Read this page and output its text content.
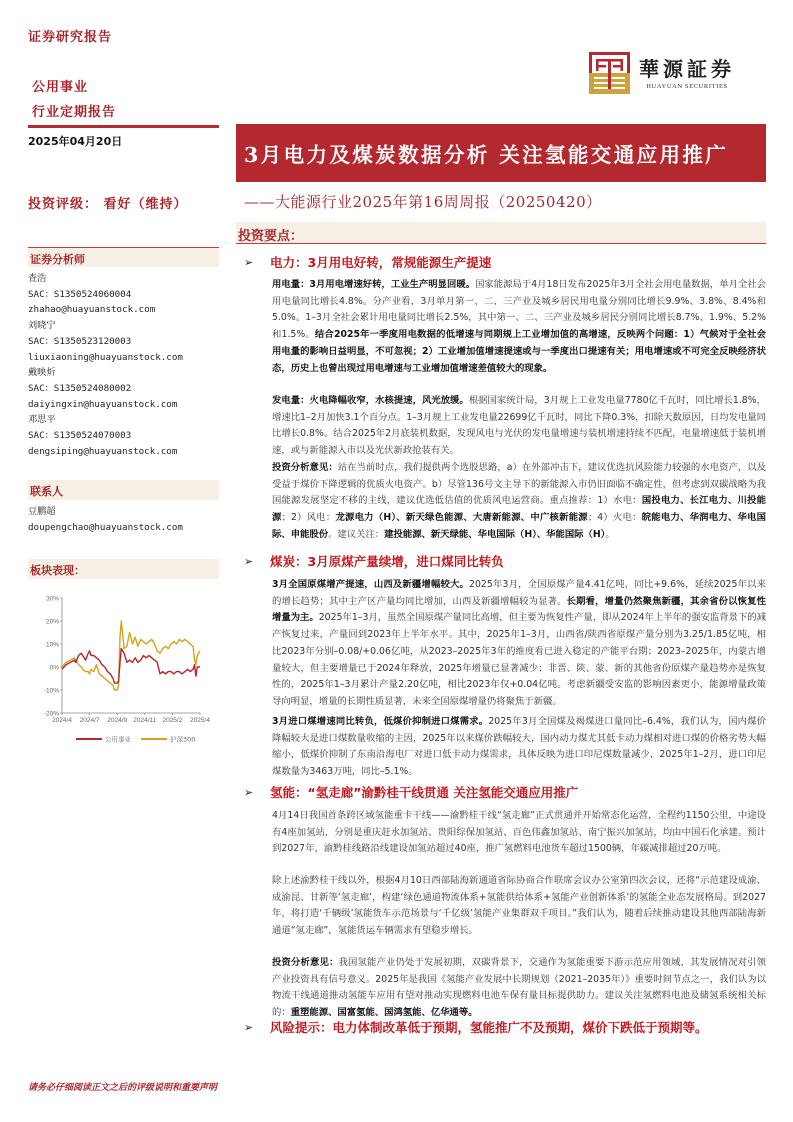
证券研究报告
公用事业
行业定期报告
2025年04月20日
華源証券
HUAYUAN SECURITIES
3月电力及煤炭数据分析 关注氢能交通应用推广
——大能源行业2025年第16周周报（20250420）
投资评级： 看好（维持）
证券分析师
查浩
SAC：S1350524060004
zhahao@huayuanstock.com
刘晓宁
SAC：S1350523120003
liuxiaoning@huayuanstock.com
戴映炘
SAC：S1350524080002
daiyingxin@huayuanstock.com
邓思平
SAC：S1350524070003
dengsiping@huayuanstock.com
联系人
豆鹏超
doupengchao@huayuanstock.com
板块表现：
30%
20%
10%
0%
-10%
-20%
2024/4 2024/7 2024/9 2024/11 2025/2 2025/4
公用事业	沪深300
投资要点：
➢	电力：3月用电好转，常规能源生产提速
用电量：3月用电增速好转，工业生产明显回暖。国家能源局于4月18日发布2025年3月全社会用电量数据，单月全社会用电量同比增长4.8%。分产业看，3月单月第一、二、三产业及城乡居民用电量分别同比增长9.9%、3.8%、8.4%和5.0%。1–3月全社会累计用电量同比增长2.5%，其中第一、二、三产业及城乡居民分别同比增长8.7%、1.9%、5.2%和1.5%。结合2025年一季度用电数据的低增速与同期规上工业增加值的高增速，反映两个问题：1）气候对于全社会用电量的影响日益明显，不可忽视；2）工业增加值增速提速或与一季度出口提速有关；用电增速或不可完全反映经济状态，历史上也曾出现过用电增速与工业增加值增速差值较大的现象。
发电量：火电降幅收窄，水核提速，风光放缓。根据国家统计局，3月规上工业发电量7780亿千瓦时，同比增长1.8%，增速比1–2月加快3.1个百分点。1–3月规上工业发电量22699亿千瓦时，同比下降0.3%，扣除天数原因，日均发电量同比增长0.8%。结合2025年2月底装机数据，发现风电与光伏的发电量增速与装机增速持续不匹配，电量增速低于装机增速，或与新能源入市以及光伏新政抢装有关。
投资分析意见：站在当前时点，我们提供两个选股思路，a）在外部冲击下，建议优选抗风险能力较强的水电资产，以及受益于煤价下降逻辑的优质火电资产。b）尽管136号文主导下的新能源入市仍旧面临不确定性，但考虑到双碳战略为我国能源发展坚定不移的主线，建议优选低估值的优质风电运营商。重点推荐：1）水电：国投电力、长江电力、川投能源；2）风电：龙源电力（H）、新天绿色能源、大唐新能源、中广核新能源；4）火电：皖能电力、华润电力、华电国际、申能股份。建议关注：建投能源、新天绿能、华电国际（H）、华能国际（H）。
➢	煤炭：3月原煤产量续增，进口煤同比转负
3月全国原煤增产提速，山西及新疆增幅较大。2025年3月，全国原煤产量4.41亿吨，同比+9.6%，延续2025年以来的增长趋势；其中主产区产量均同比增加，山西及新疆增幅较为显著。长期看，增量仍然聚焦新疆，其余省份以恢复性增量为主。2025年1–3月，虽然全国原煤产量同比高增，但主要为恢复性产量，即从2024年上半年的强安监背景下的减产恢复过来，产量回到2023年上半年水平。其中，2025年1–3月，山西省/陕西省原煤产量分别为3.25/1.85亿吨，相比2023年分别–0.08/+0.06亿吨，从2023–2025年3年的维度看已进入稳定的产能平台期；2023–2025年，内蒙古增量较大，但主要增量已于2024年释放，2025年增量已显著减少；非晋、陕、蒙、新的其他省份原煤产量趋势亦是恢复性的，2025年1–3月累计产量2.20亿吨，相比2023年仅+0.04亿吨。考虑新疆受安监的影响因素更小，能源增量政策导向明显，增量的长期性质显著，未来全国原煤增量仍将聚焦于新疆。
3月进口煤增速同比转负，低煤价抑制进口煤需求。2025年3月全国煤及褐煤进口量同比–6.4%，我们认为，国内煤价降幅较大是进口煤数量收缩的主因，2025年以来煤价跌幅较大，国内动力煤尤其低卡动力煤相对进口煤的价格劣势大幅缩小，低煤价抑制了东南沿海电厂对进口低卡动力煤需求，具体反映为进口印尼煤数量减少，2025年1–2月，进口印尼煤数量为3463万吨，同比–5.1%。
➢	氢能：“氢走廊”渝黔桂干线贯通 关注氢能交通应用推广
4月14日我国首条跨区域氢能重卡干线——渝黔桂干线“氢走廊”正式贯通并开始常态化运营，全程约1150公里，中途设有4座加氢站，分别是重庆赶水加氢站、贵阳综保加氢站、百色伟鑫加氢站、南宁振兴加氢站，均由中国石化承建。预计到2027年，渝黔桂线路沿线建设加氢站超过40座，推广氢燃料电池货车超过1500辆，年碳减排超过20万吨。
除上述渝黔桂干线以外，根据4月10日西部陆海新通道省际协商合作联席会议办公室第四次会议，还将“示范建设成渝、成渝昆、甘新等‘氢走廊’，构建‘绿色通道物流体系+氢能供给体系+氢能产业创新体系’的氢能全业态发展格局。到2027年，将打造‘千辆级’氢能货车示范场景与‘千亿级’氢能产业集群双千项目。”我们认为，随着后续推动建设其他西部陆海新通道“氢走廊”，氢能货运车辆需求有望稳步增长。
投资分析意见：我国氢能产业仍处于发展初期，双碳背景下，交通作为氢能重要下游示范应用领域，其发展情况对引领产业投资具有信号意义。2025年是我国《氢能产业发展中长期规划（2021–2035年）》重要时间节点之一，我们认为以物流干线通道推动氢能车应用有望对推动实现燃料电池车保有量目标提供助力。建议关注氢燃料电池及储氢系统相关标的：重塑能源、国富氢能、国鸿氢能、亿华通等。
➢	风险提示：电力体制改革低于预期，氢能推广不及预期，煤价下跌低于预期等。
请务必仔细阅读正文之后的评级说明和重要声明
